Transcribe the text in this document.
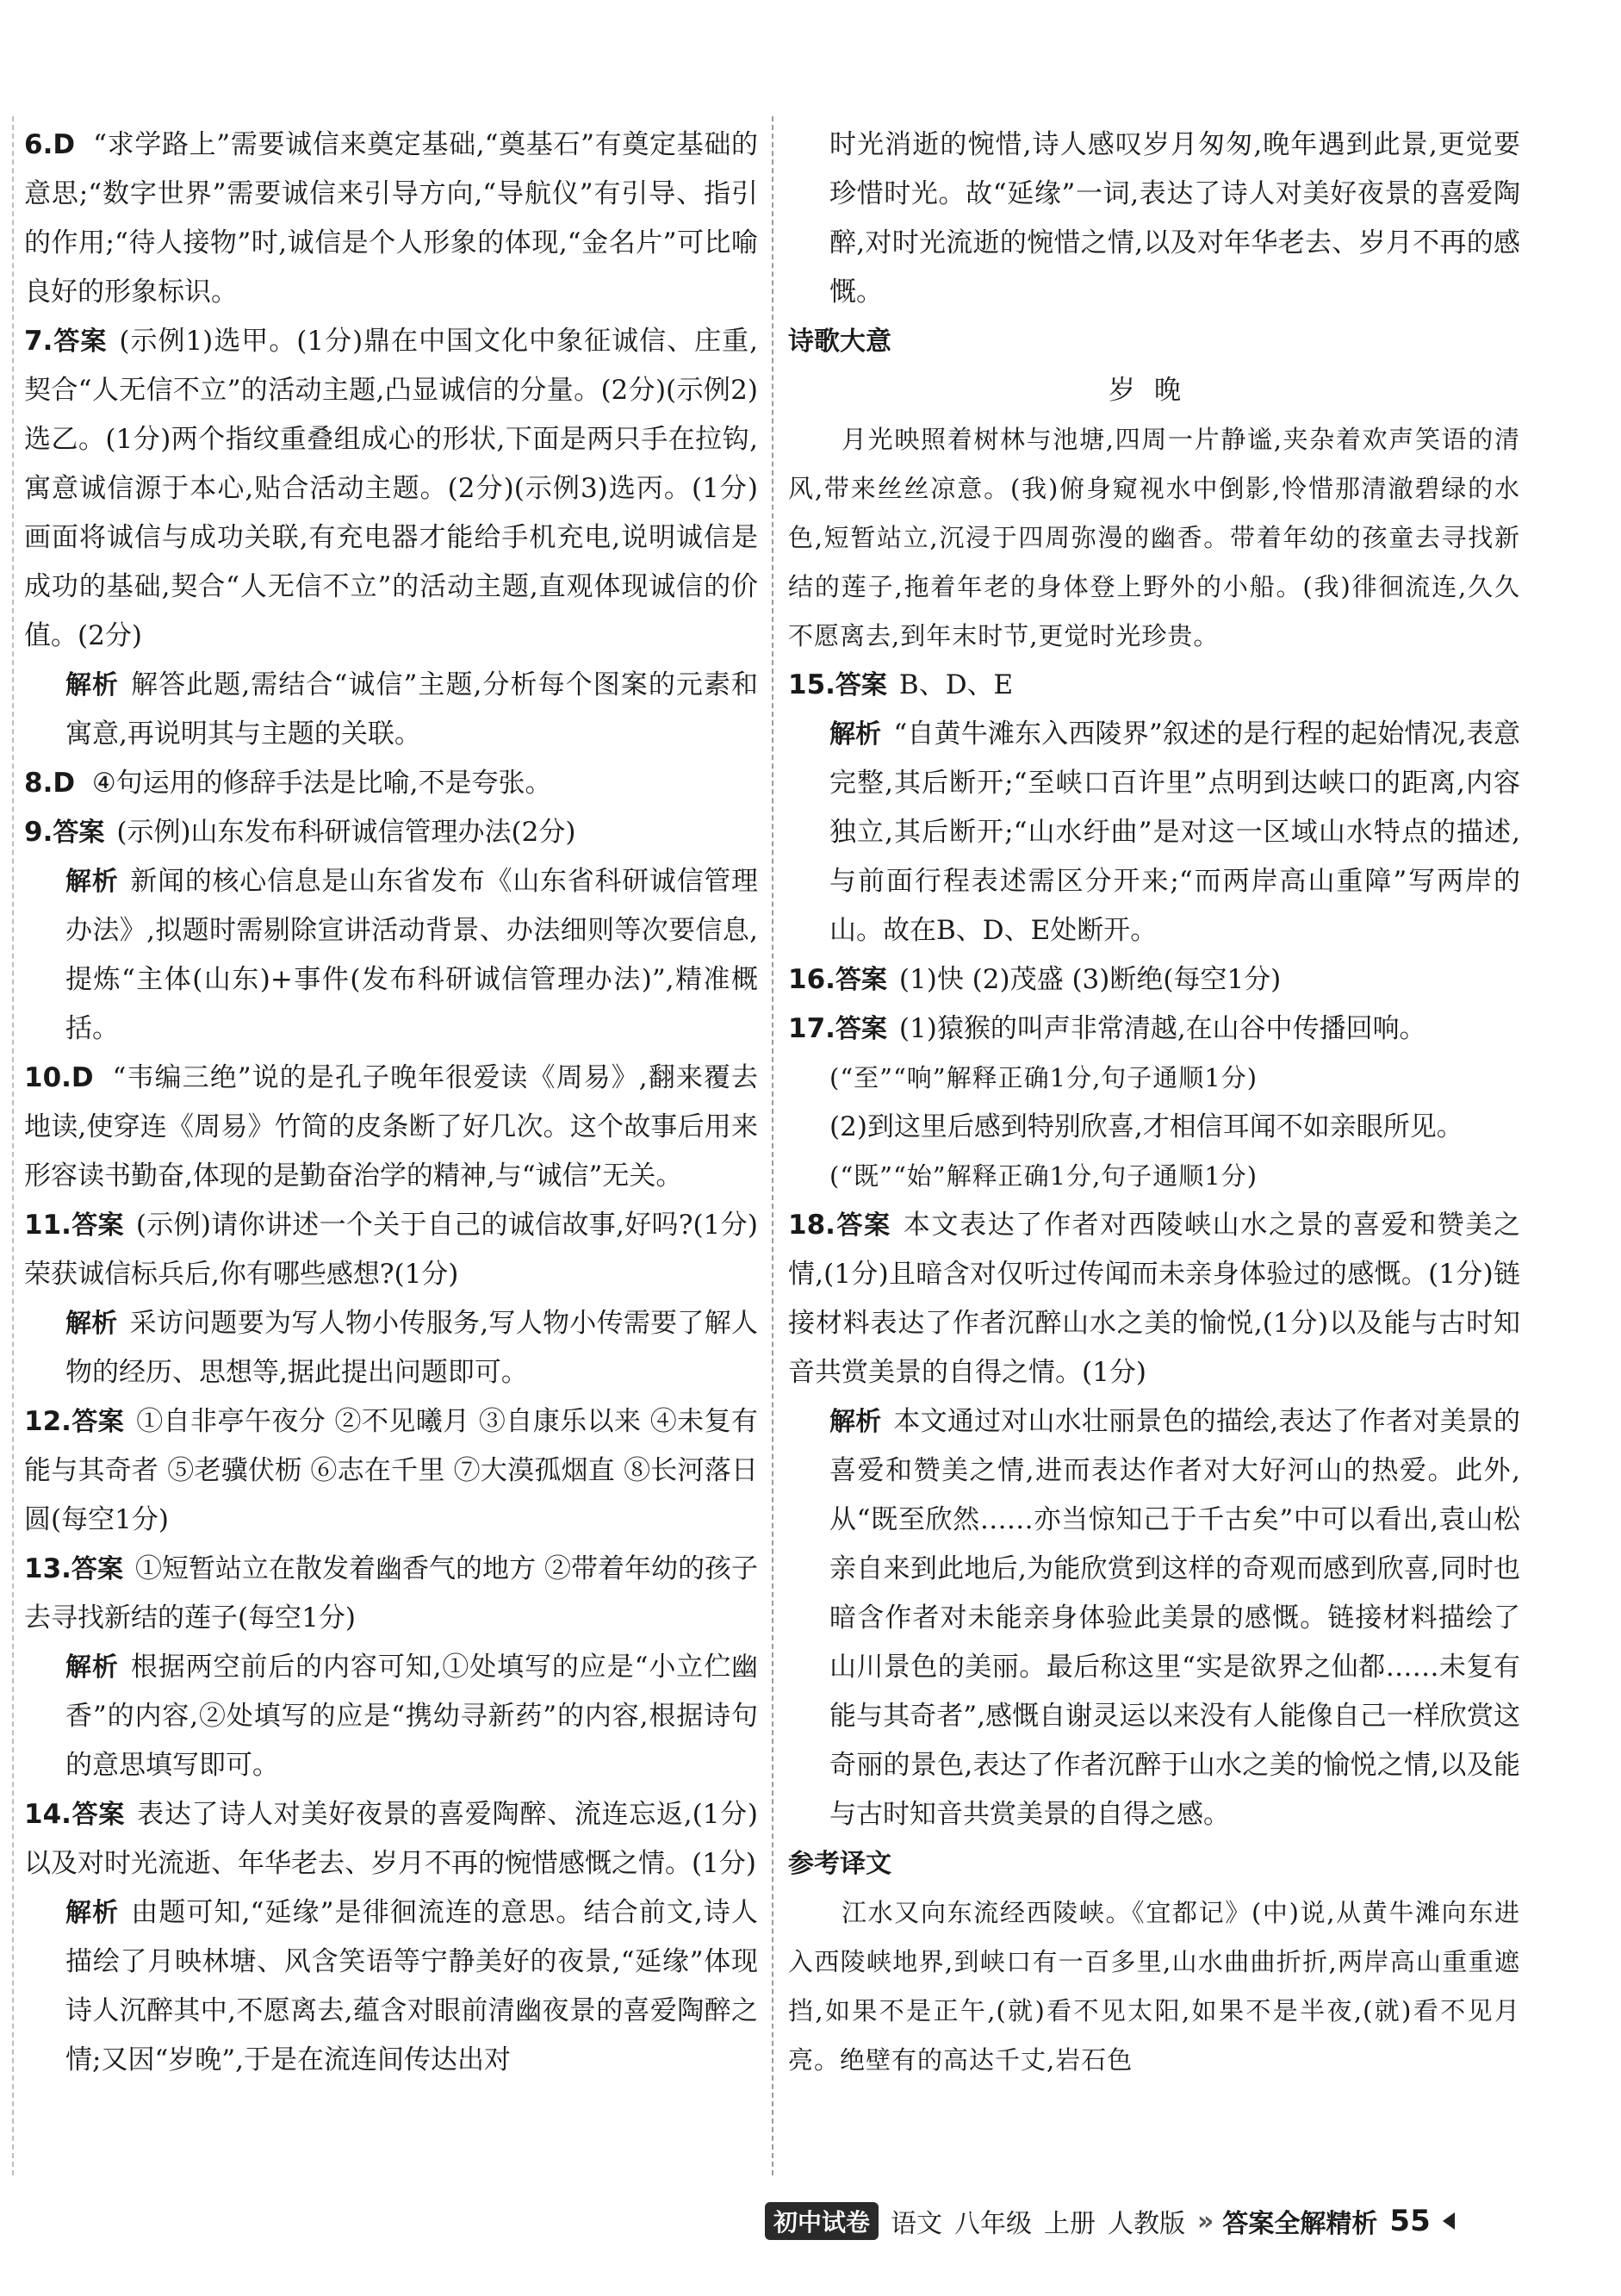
6.D “求学路上”需要诚信来奠定基础,“奠基石”有奠定基础的意思;“数字世界”需要诚信来引导方向,“导航仪”有引导、指引的作用;“待人接物”时,诚信是个人形象的体现,“金名片”可比喻良好的形象标识。

7.答案 (示例1)选甲。(1分)鼎在中国文化中象征诚信、庄重,契合“人无信不立”的活动主题,凸显诚信的分量。(2分)(示例2)选乙。(1分)两个指纹重叠组成心的形状,下面是两只手在拉钩,寓意诚信源于本心,贴合活动主题。(2分)(示例3)选丙。(1分)画面将诚信与成功关联,有充电器才能给手机充电,说明诚信是成功的基础,契合“人无信不立”的活动主题,直观体现诚信的价值。(2分)

解析 解答此题,需结合“诚信”主题,分析每个图案的元素和寓意,再说明其与主题的关联。

8.D ④句运用的修辞手法是比喻,不是夸张。

9.答案 (示例)山东发布科研诚信管理办法(2分)

解析 新闻的核心信息是山东省发布《山东省科研诚信管理办法》,拟题时需剔除宣讲活动背景、办法细则等次要信息,提炼“主体(山东)+事件(发布科研诚信管理办法)”,精准概括。

10.D “韦编三绝”说的是孔子晚年很爱读《周易》,翻来覆去地读,使穿连《周易》竹简的皮条断了好几次。这个故事后用来形容读书勤奋,体现的是勤奋治学的精神,与“诚信”无关。

11.答案 (示例)请你讲述一个关于自己的诚信故事,好吗?(1分) 荣获诚信标兵后,你有哪些感想?(1分)

解析 采访问题要为写人物小传服务,写人物小传需要了解人物的经历、思想等,据此提出问题即可。

12.答案 ①自非亭午夜分 ②不见曦月 ③自康乐以来 ④未复有能与其奇者 ⑤老骥伏枥 ⑥志在千里 ⑦大漠孤烟直 ⑧长河落日圆(每空1分)

13.答案 ①短暂站立在散发着幽香气的地方 ②带着年幼的孩子去寻找新结的莲子(每空1分)

解析 根据两空前后的内容可知,①处填写的应是“小立伫幽香”的内容,②处填写的应是“携幼寻新药”的内容,根据诗句的意思填写即可。

14.答案 表达了诗人对美好夜景的喜爱陶醉、流连忘返,(1分)以及对时光流逝、年华老去、岁月不再的惋惜感慨之情。(1分)

解析 由题可知,“延缘”是徘徊流连的意思。结合前文,诗人描绘了月映林塘、风含笑语等宁静美好的夜景,“延缘”体现诗人沉醉其中,不愿离去,蕴含对眼前清幽夜景的喜爱陶醉之情;又因“岁晚”,于是在流连间传达出对

时光消逝的惋惜,诗人感叹岁月匆匆,晚年遇到此景,更觉要珍惜时光。故“延缘”一词,表达了诗人对美好夜景的喜爱陶醉,对时光流逝的惋惜之情,以及对年华老去、岁月不再的感慨。

诗歌大意

岁晚

月光映照着树林与池塘,四周一片静谧,夹杂着欢声笑语的清风,带来丝丝凉意。(我)俯身窥视水中倒影,怜惜那清澈碧绿的水色,短暂站立,沉浸于四周弥漫的幽香。带着年幼的孩童去寻找新结的莲子,拖着年老的身体登上野外的小船。(我)徘徊流连,久久不愿离去,到年末时节,更觉时光珍贵。

15.答案 B、D、E

解析 “自黄牛滩东入西陵界”叙述的是行程的起始情况,表意完整,其后断开;“至峡口百许里”点明到达峡口的距离,内容独立,其后断开;“山水纡曲”是对这一区域山水特点的描述,与前面行程表述需区分开来;“而两岸高山重障”写两岸的山。故在B、D、E处断开。

16.答案 (1)快 (2)茂盛 (3)断绝(每空1分)

17.答案 (1)猿猴的叫声非常清越,在山谷中传播回响。

(“至”“响”解释正确1分,句子通顺1分)

(2)到这里后感到特别欣喜,才相信耳闻不如亲眼所见。

(“既”“始”解释正确1分,句子通顺1分)

18.答案 本文表达了作者对西陵峡山水之景的喜爱和赞美之情,(1分)且暗含对仅听过传闻而未亲身体验过的感慨。(1分)链接材料表达了作者沉醉山水之美的愉悦,(1分)以及能与古时知音共赏美景的自得之情。(1分)

解析 本文通过对山水壮丽景色的描绘,表达了作者对美景的喜爱和赞美之情,进而表达作者对大好河山的热爱。此外,从“既至欣然……亦当惊知己于千古矣”中可以看出,袁山松亲自来到此地后,为能欣赏到这样的奇观而感到欣喜,同时也暗含作者对未能亲身体验此美景的感慨。链接材料描绘了山川景色的美丽。最后称这里“实是欲界之仙都……未复有能与其奇者”,感慨自谢灵运以来没有人能像自己一样欣赏这奇丽的景色,表达了作者沉醉于山水之美的愉悦之情,以及能与古时知音共赏美景的自得之感。

参考译文

江水又向东流经西陵峡。《宜都记》(中)说,从黄牛滩向东进入西陵峡地界,到峡口有一百多里,山水曲曲折折,两岸高山重重遮挡,如果不是正午,(就)看不见太阳,如果不是半夜,(就)看不见月亮。绝壁有的高达千丈,岩石色

初中试卷 语文 八年级 上册 人教版 » 答案全解精析 55
